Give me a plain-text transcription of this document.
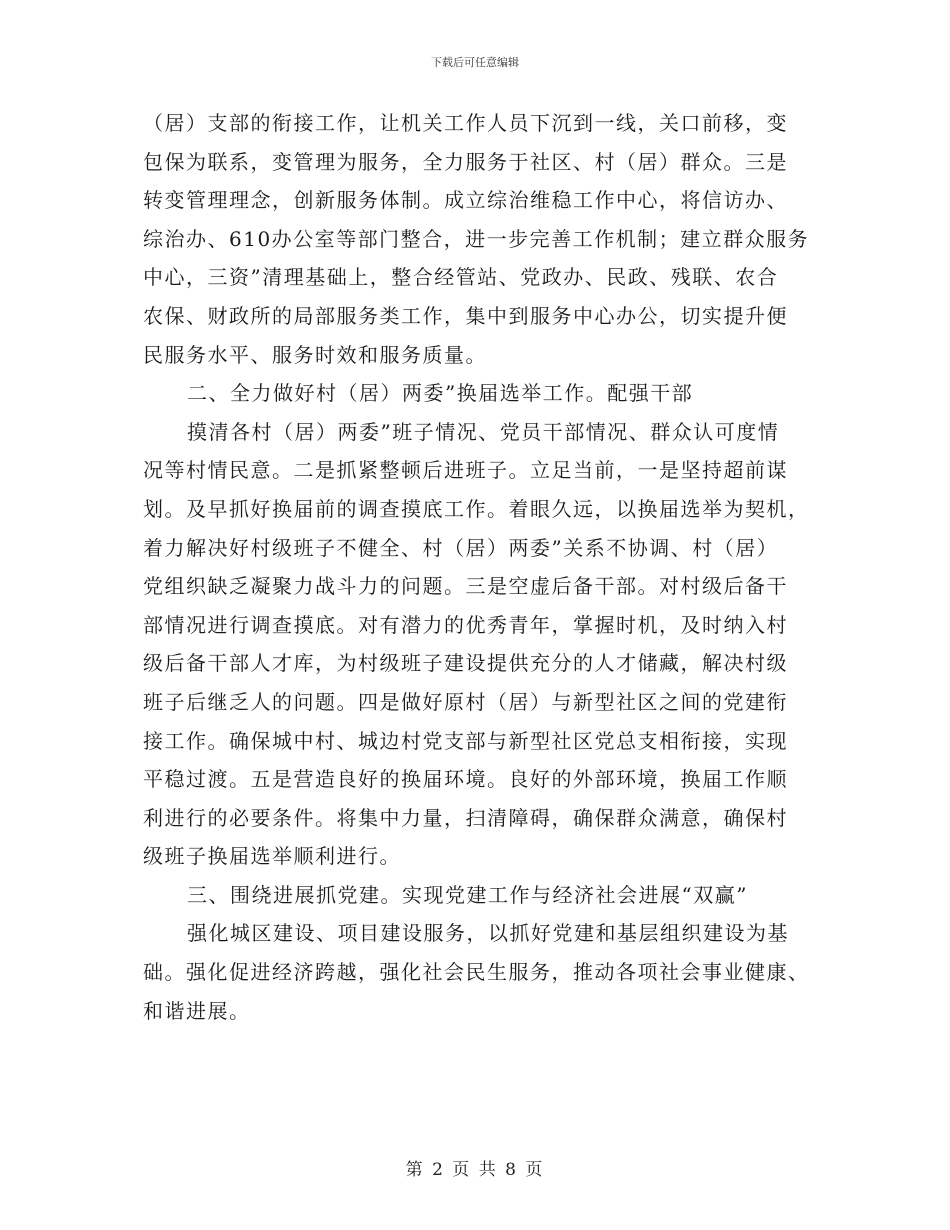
下载后可任意编辑
（居）支部的衔接工作，让机关工作人员下沉到一线，关口前移，变
包保为联系，变管理为服务，全力服务于社区、村（居）群众。三是
转变管理理念，创新服务体制。成立综治维稳工作中心，将信访办、
综治办、610办公室等部门整合，进一步完善工作机制；建立群众服务
中心，三资”清理基础上，整合经管站、党政办、民政、残联、农合
农保、财政所的局部服务类工作，集中到服务中心办公，切实提升便
民服务水平、服务时效和服务质量。
二、全力做好村（居）两委”换届选举工作。配强干部
摸清各村（居）两委”班子情况、党员干部情况、群众认可度情
况等村情民意。二是抓紧整顿后进班子。立足当前，一是坚持超前谋
划。及早抓好换届前的调查摸底工作。着眼久远，以换届选举为契机，
着力解决好村级班子不健全、村（居）两委”关系不协调、村（居）
党组织缺乏凝聚力战斗力的问题。三是空虚后备干部。对村级后备干
部情况进行调查摸底。对有潜力的优秀青年，掌握时机，及时纳入村
级后备干部人才库，为村级班子建设提供充分的人才储藏，解决村级
班子后继乏人的问题。四是做好原村（居）与新型社区之间的党建衔
接工作。确保城中村、城边村党支部与新型社区党总支相衔接，实现
平稳过渡。五是营造良好的换届环境。良好的外部环境，换届工作顺
利进行的必要条件。将集中力量，扫清障碍，确保群众满意，确保村
级班子换届选举顺利进行。
三、围绕进展抓党建。实现党建工作与经济社会进展“双赢”
强化城区建设、项目建设服务，以抓好党建和基层组织建设为基
础。强化促进经济跨越，强化社会民生服务，推动各项社会事业健康、
和谐进展。
第 2 页 共 8 页
